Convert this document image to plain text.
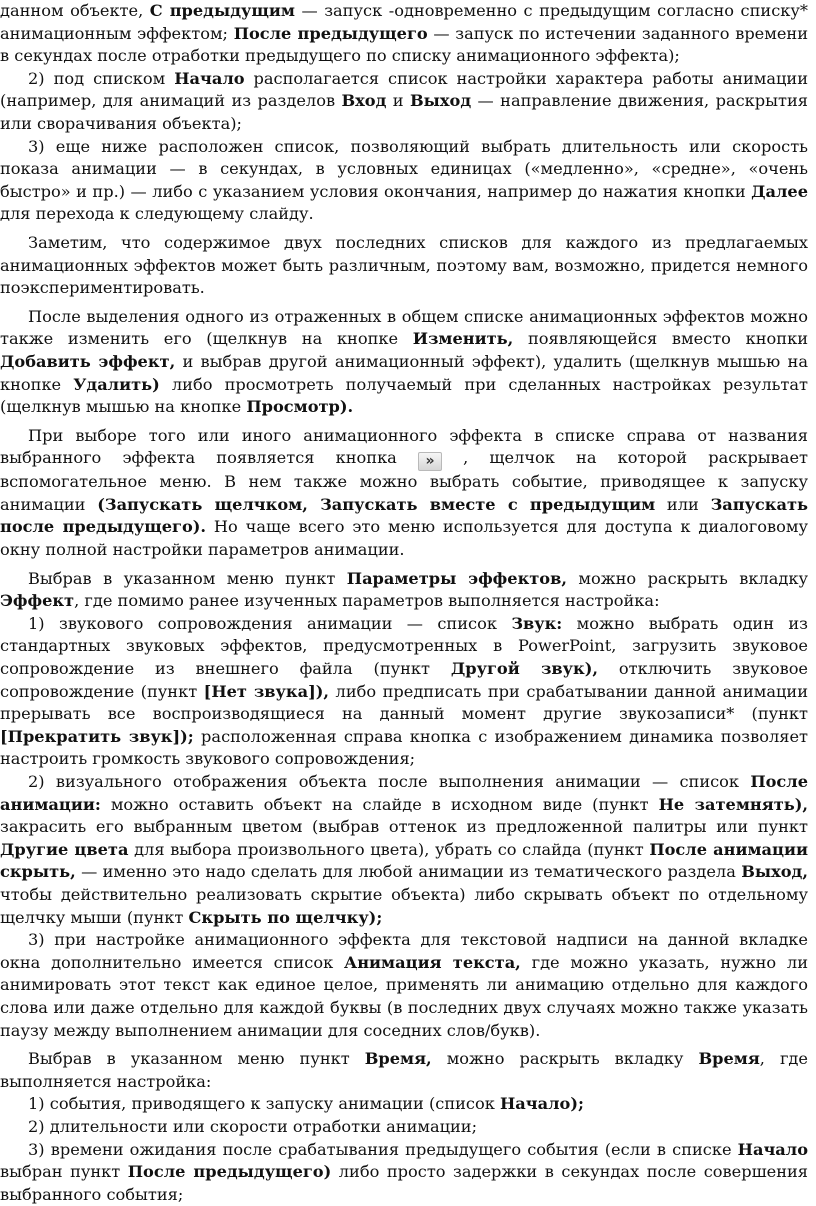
данном объекте, С предыдущим — запуск -одновременно с предыдущим согласно списку* анимационным эффектом; После предыдущего — запуск по истечении заданного времени в секундах после отработки предыдущего по списку анимационного эффекта);

2) под списком Начало располагается список настройки характера работы анимации (например, для анимаций из разделов Вход и Выход — направление движения, раскрытия или сворачивания объекта);

3) еще ниже расположен список, позволяющий выбрать длительность или скорость показа анимации — в секундах, в условных единицах («медленно», «средне», «очень быстро» и пр.) — либо с указанием условия окончания, например до нажатия кнопки Далее для перехода к следующему слайду.

Заметим, что содержимое двух последних списков для каждого из предлагаемых анимационных эффектов может быть различным, поэтому вам, возможно, придется немного поэкспериментировать.

После выделения одного из отраженных в общем списке анимационных эффектов можно также изменить его (щелкнув на кнопке Изменить, появляющейся вместо кнопки Добавить эффект, и выбрав другой анимационный эффект), удалить (щелкнув мышью на кнопке Удалить) либо просмотреть получаемый при сделанных настройках результат (щелкнув мышью на кнопке Просмотр).

При выборе того или иного анимационного эффекта в списке справа от названия выбранного эффекта появляется кнопка » , щелчок на которой раскрывает вспомогательное меню. В нем также можно выбрать событие, приводящее к запуску анимации (Запускать щелчком, Запускать вместе с предыдущим или Запускать после предыдущего). Но чаще всего это меню используется для доступа к диалоговому окну полной настройки параметров анимации.

Выбрав в указанном меню пункт Параметры эффектов, можно раскрыть вкладку Эффект, где помимо ранее изученных параметров выполняется настройка:

1) звукового сопровождения анимации — список Звук: можно выбрать один из стандартных звуковых эффектов, предусмотренных в PowerPoint, загрузить звуковое сопровождение из внешнего файла (пункт Другой звук), отключить звуковое сопровождение (пункт [Нет звука]), либо предписать при срабатывании данной анимации прерывать все воспроизводящиеся на данный момент другие звукозаписи* (пункт [Прекратить звук]); расположенная справа кнопка с изображением динамика позволяет настроить громкость звукового сопровождения;

2) визуального отображения объекта после выполнения анимации — список После анимации: можно оставить объект на слайде в исходном виде (пункт Не затемнять), закрасить его выбранным цветом (выбрав оттенок из предложенной палитры или пункт Другие цвета для выбора произвольного цвета), убрать со слайда (пункт После анимации скрыть, — именно это надо сделать для любой анимации из тематического раздела Выход, чтобы действительно реализовать скрытие объекта) либо скрывать объект по отдельному щелчку мыши (пункт Скрыть по щелчку);

3) при настройке анимационного эффекта для текстовой надписи на данной вкладке окна дополнительно имеется список Анимация текста, где можно указать, нужно ли анимировать этот текст как единое целое, применять ли анимацию отдельно для каждого слова или даже отдельно для каждой буквы (в последних двух случаях можно также указать паузу между выполнением анимации для соседних слов/букв).

Выбрав в указанном меню пункт Время, можно раскрыть вкладку Время, где выполняется настройка:

1) события, приводящего к запуску анимации (список Начало);

2) длительности или скорости отработки анимации;

3) времени ожидания после срабатывания предыдущего события (если в списке Начало выбран пункт После предыдущего) либо просто задержки в секундах после совершения выбранного события;
